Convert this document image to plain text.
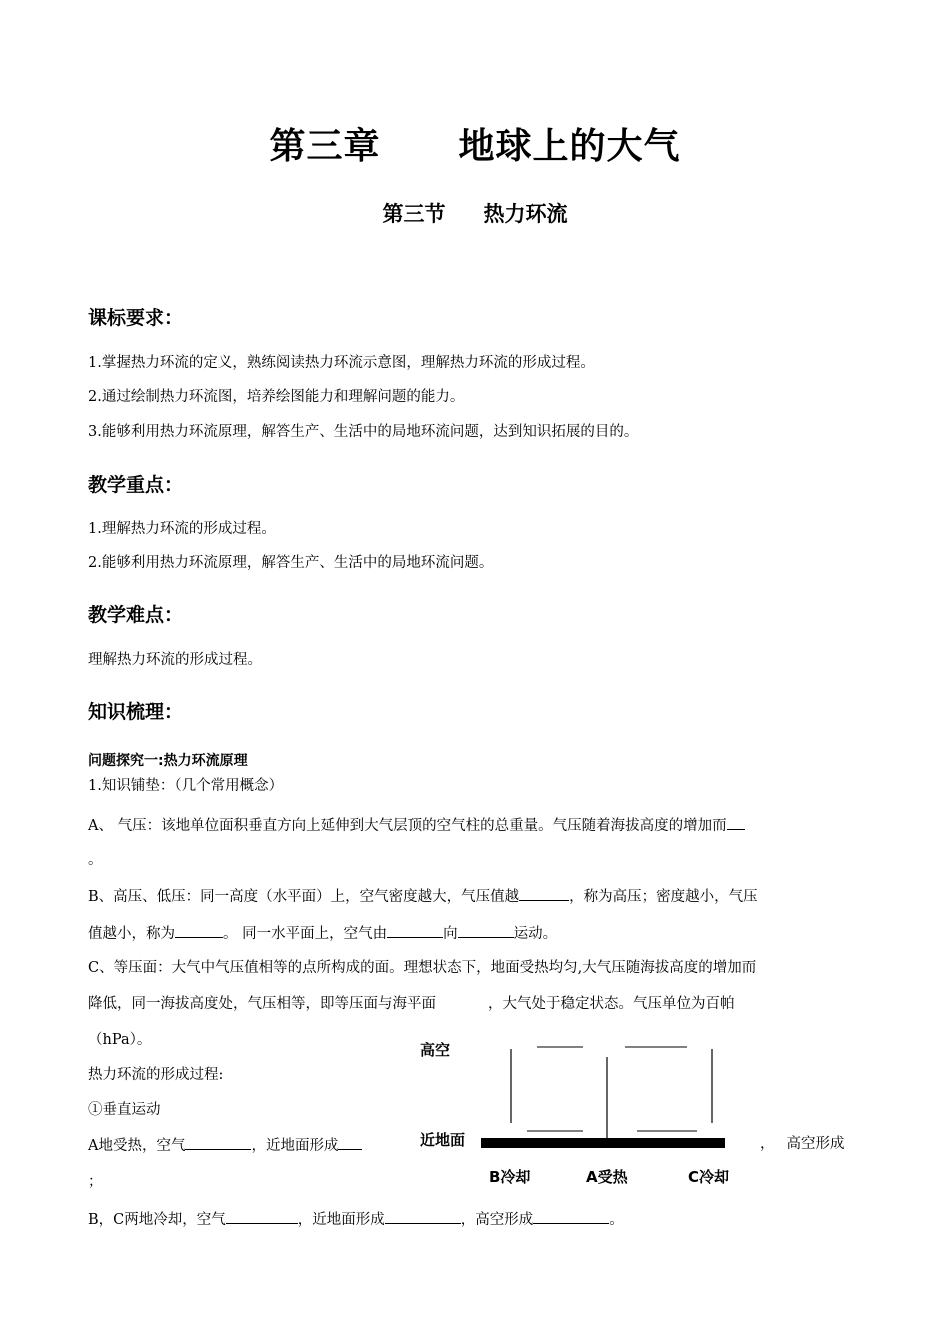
第三章 地球上的大气
第三节 热力环流
课标要求：
1.掌握热力环流的定义，熟练阅读热力环流示意图，理解热力环流的形成过程。
2.通过绘制热力环流图，培养绘图能力和理解问题的能力。
3.能够利用热力环流原理，解答生产、生活中的局地环流问题，达到知识拓展的目的。
教学重点：
1.理解热力环流的形成过程。
2.能够利用热力环流原理，解答生产、生活中的局地环流问题。
教学难点：
理解热力环流的形成过程。
知识梳理：
问题探究一:热力环流原理
1.知识铺垫：（几个常用概念）
A、 气压：该地单位面积垂直方向上延伸到大气层顶的空气柱的总重量。气压随着海拔高度的增加而
。
B、高压、低压：同一高度（水平面）上，空气密度越大，气压值越	，称为高压；密度越小，气压
值越小，称为	。 同一水平面上，空气由	向	运动。
C、等压面：大气中气压值相等的点所构成的面。理想状态下，地面受热均匀,大气压随海拔高度的增加而
降低，同一海拔高度处，气压相等，即等压面与海平面	，大气处于稳定状态。气压单位为百帕
（hPa）。
热力环流的形成过程:
①垂直运动
A地受热，空气	，近地面形成	， 高空形成
；
B，C两地冷却，空气	，近地面形成	，高空形成	。
高空
近地面
B冷却	A受热	C冷却
